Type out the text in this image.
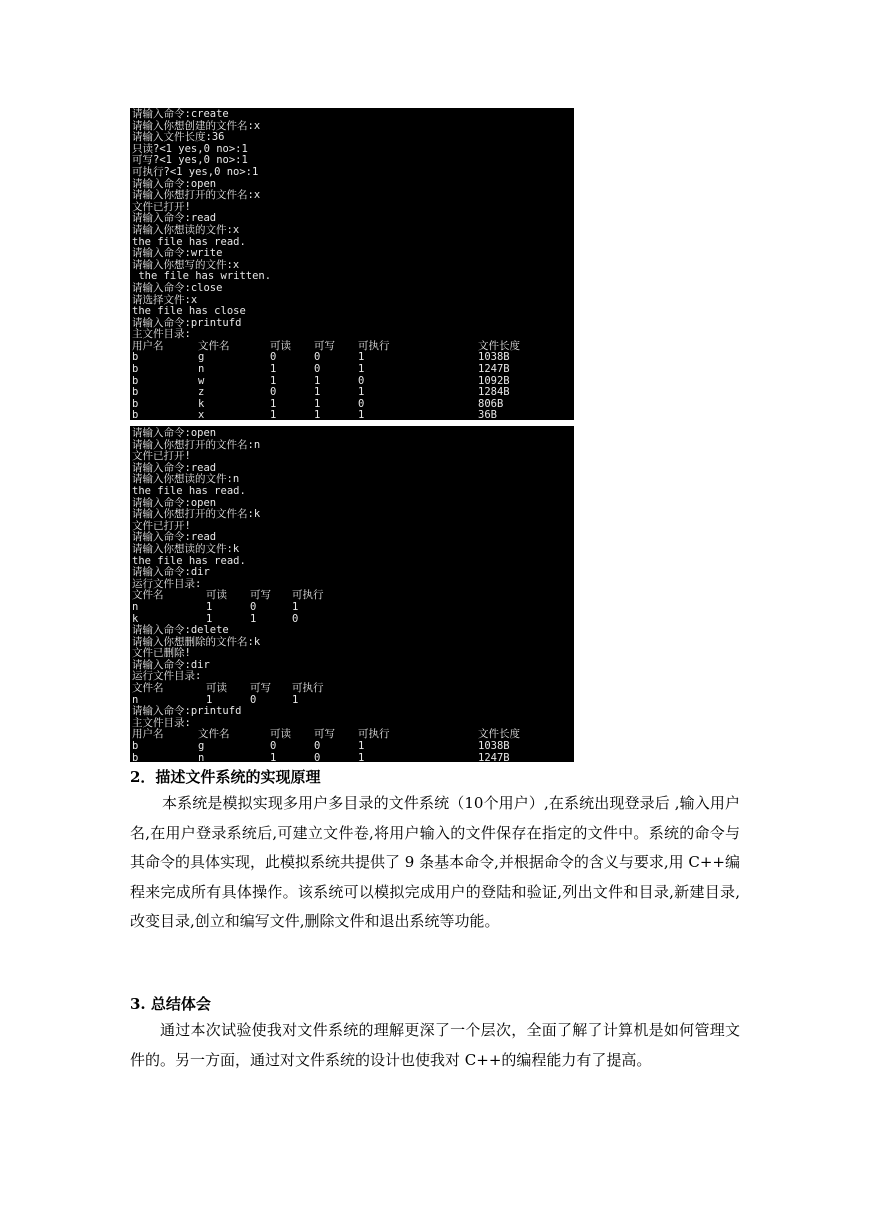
请输入命令:create
请输入你想创建的文件名:x
请输入文件长度:36
只读?<1 yes,0 no>:1
可写?<1 yes,0 no>:1
可执行?<1 yes,0 no>:1
请输入命令:open
请输入你想打开的文件名:x
文件已打开!
请输入命令:read
请输入你想读的文件:x
the file has read.
请输入命令:write
请输入你想写的文件:x
the file has written.
请输入命令:close
请选择文件:x
the file has close
请输入命令:printufd
主文件目录:
用户名	文件名	可读	可写	可执行	文件长度
b	g	0	0	1	1038B
b	n	1	0	1	1247B
b	w	1	1	0	1092B
b	z	0	1	1	1284B
b	k	1	1	0	806B
b	x	1	1	1	36B
请输入命令:open
请输入你想打开的文件名:n
文件已打开!
请输入命令:read
请输入你想读的文件:n
the file has read.
请输入命令:open
请输入你想打开的文件名:k
文件已打开!
请输入命令:read
请输入你想读的文件:k
the file has read.
请输入命令:dir
运行文件目录:
文件名	可读	可写	可执行
n	1	0	1
k	1	1	0
请输入命令:delete
请输入你想删除的文件名:k
文件已删除!
请输入命令:dir
运行文件目录:
文件名	可读	可写	可执行
n	1	0	1
请输入命令:printufd
主文件目录:
用户名	文件名	可读	可写	可执行	文件长度
b	g	0	0	1	1038B
b	n	1	0	1	1247B
2．描述文件系统的实现原理
本系统是模拟实现多用户多目录的文件系统（10个用户）,在系统出现登录后 ,输入用户名,在用户登录系统后,可建立文件卷,将用户输入的文件保存在指定的文件中。系统的命令与其命令的具体实现，此模拟系统共提供了 9 条基本命令,并根据命令的含义与要求,用 C++编程来完成所有具体操作。该系统可以模拟完成用户的登陆和验证,列出文件和目录,新建目录,改变目录,创立和编写文件,删除文件和退出系统等功能。
3. 总结体会
通过本次试验使我对文件系统的理解更深了一个层次，全面了解了计算机是如何管理文件的。另一方面，通过对文件系统的设计也使我对 C++的编程能力有了提高。
